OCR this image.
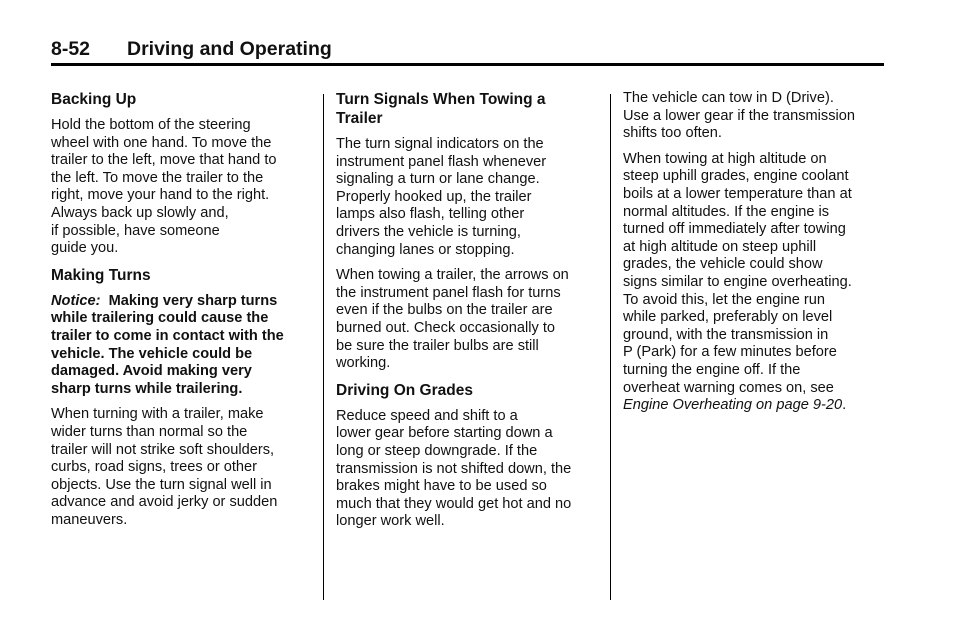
8-52 Driving and Operating
Backing Up

Hold the bottom of the steering
wheel with one hand. To move the
trailer to the left, move that hand to
the left. To move the trailer to the
right, move your hand to the right.
Always back up slowly and,
if possible, have someone
guide you.

Making Turns

Notice: Making very sharp turns
while trailering could cause the
trailer to come in contact with the
vehicle. The vehicle could be
damaged. Avoid making very
sharp turns while trailering.

When turning with a trailer, make
wider turns than normal so the
trailer will not strike soft shoulders,
curbs, road signs, trees or other
objects. Use the turn signal well in
advance and avoid jerky or sudden
maneuvers.

Turn Signals When Towing a
Trailer

The turn signal indicators on the
instrument panel flash whenever
signaling a turn or lane change.
Properly hooked up, the trailer
lamps also flash, telling other
drivers the vehicle is turning,
changing lanes or stopping.

When towing a trailer, the arrows on
the instrument panel flash for turns
even if the bulbs on the trailer are
burned out. Check occasionally to
be sure the trailer bulbs are still
working.

Driving On Grades

Reduce speed and shift to a
lower gear before starting down a
long or steep downgrade. If the
transmission is not shifted down, the
brakes might have to be used so
much that they would get hot and no
longer work well.

The vehicle can tow in D (Drive).
Use a lower gear if the transmission
shifts too often.

When towing at high altitude on
steep uphill grades, engine coolant
boils at a lower temperature than at
normal altitudes. If the engine is
turned off immediately after towing
at high altitude on steep uphill
grades, the vehicle could show
signs similar to engine overheating.
To avoid this, let the engine run
while parked, preferably on level
ground, with the transmission in
P (Park) for a few minutes before
turning the engine off. If the
overheat warning comes on, see
Engine Overheating on page 9-20.
